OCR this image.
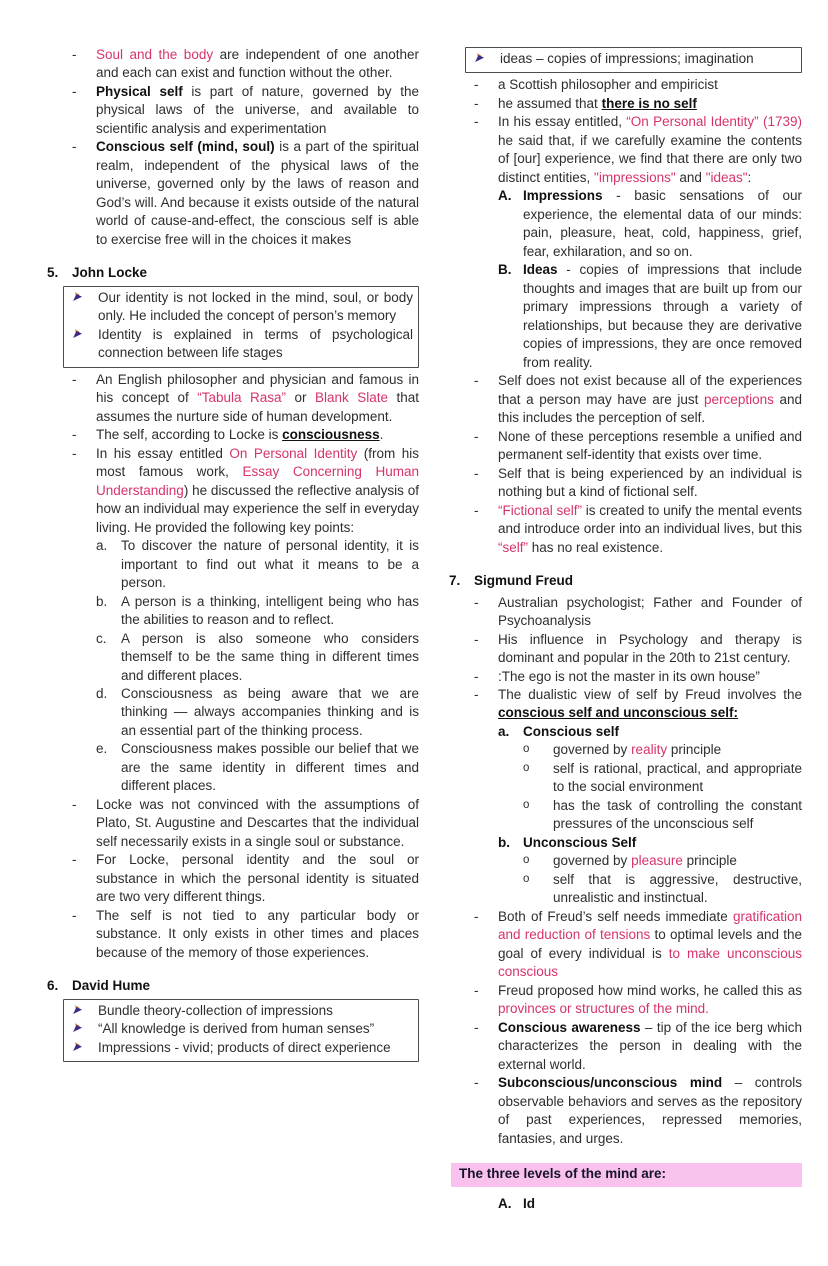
-	Soul and the body are independent of one another and each can exist and function without the other.
-	Physical self is part of nature, governed by the physical laws of the universe, and available to scientific analysis and experimentation
-	Conscious self (mind, soul) is a part of the spiritual realm, independent of the physical laws of the universe, governed only by the laws of reason and God’s will. And because it exists outside of the natural world of cause-and-effect, the conscious self is able to exercise free will in the choices it makes
5.	John Locke
Our identity is not locked in the mind, soul, or body only. He included the concept of person’s memory
Identity is explained in terms of psychological connection between life stages
-	An English philosopher and physician and famous in his concept of “Tabula Rasa” or Blank Slate that assumes the nurture side of human development.
-	The self, according to Locke is consciousness.
-	In his essay entitled On Personal Identity (from his most famous work, Essay Concerning Human Understanding) he discussed the reflective analysis of how an individual may experience the self in everyday living. He provided the following key points:
a.	To discover the nature of personal identity, it is important to find out what it means to be a person.
b.	A person is a thinking, intelligent being who has the abilities to reason and to reflect.
c.	A person is also someone who considers themself to be the same thing in different times and different places.
d.	Consciousness as being aware that we are thinking — always accompanies thinking and is an essential part of the thinking process.
e.	Consciousness makes possible our belief that we are the same identity in different times and different places.
-	Locke was not convinced with the assumptions of Plato, St. Augustine and Descartes that the individual self necessarily exists in a single soul or substance.
-	For Locke, personal identity and the soul or substance in which the personal identity is situated are two very different things.
-	The self is not tied to any particular body or substance. It only exists in other times and places because of the memory of those experiences.
6.	David Hume
Bundle theory-collection of impressions
“All knowledge is derived from human senses”
Impressions - vivid; products of direct experience
ideas – copies of impressions; imagination
-	a Scottish philosopher and empiricist
-	he assumed that there is no self
-	In his essay entitled, “On Personal Identity” (1739) he said that, if we carefully examine the contents of [our] experience, we find that there are only two distinct entities, "impressions" and "ideas":
A. Impressions - basic sensations of our experience, the elemental data of our minds: pain, pleasure, heat, cold, happiness, grief, fear, exhilaration, and so on.
B. Ideas - copies of impressions that include thoughts and images that are built up from our primary impressions through a variety of relationships, but because they are derivative copies of impressions, they are once removed from reality.
-	Self does not exist because all of the experiences that a person may have are just perceptions and this includes the perception of self.
-	None of these perceptions resemble a unified and permanent self-identity that exists over time.
-	Self that is being experienced by an individual is nothing but a kind of fictional self.
-	“Fictional self” is created to unify the mental events and introduce order into an individual lives, but this “self” has no real existence.
7.	Sigmund Freud
-	Australian psychologist; Father and Founder of Psychoanalysis
-	His influence in Psychology and therapy is dominant and popular in the 20th to 21st century.
-	:The ego is not the master in its own house”
-	The dualistic view of self by Freud involves the conscious self and unconscious self:
a.	Conscious self
o	governed by reality principle
o	self is rational, practical, and appropriate to the social environment
o	has the task of controlling the constant pressures of the unconscious self
b. Unconscious Self
o	governed by pleasure principle
o	self that is aggressive, destructive, unrealistic and instinctual.
-	Both of Freud’s self needs immediate gratification and reduction of tensions to optimal levels and the goal of every individual is to make unconscious conscious
-	Freud proposed how mind works, he called this as provinces or structures of the mind.
-	Conscious awareness – tip of the ice berg which characterizes the person in dealing with the external world.
-	Subconscious/unconscious mind – controls observable behaviors and serves as the repository of past experiences, repressed memories, fantasies, and urges.
The three levels of the mind are:
A. Id
